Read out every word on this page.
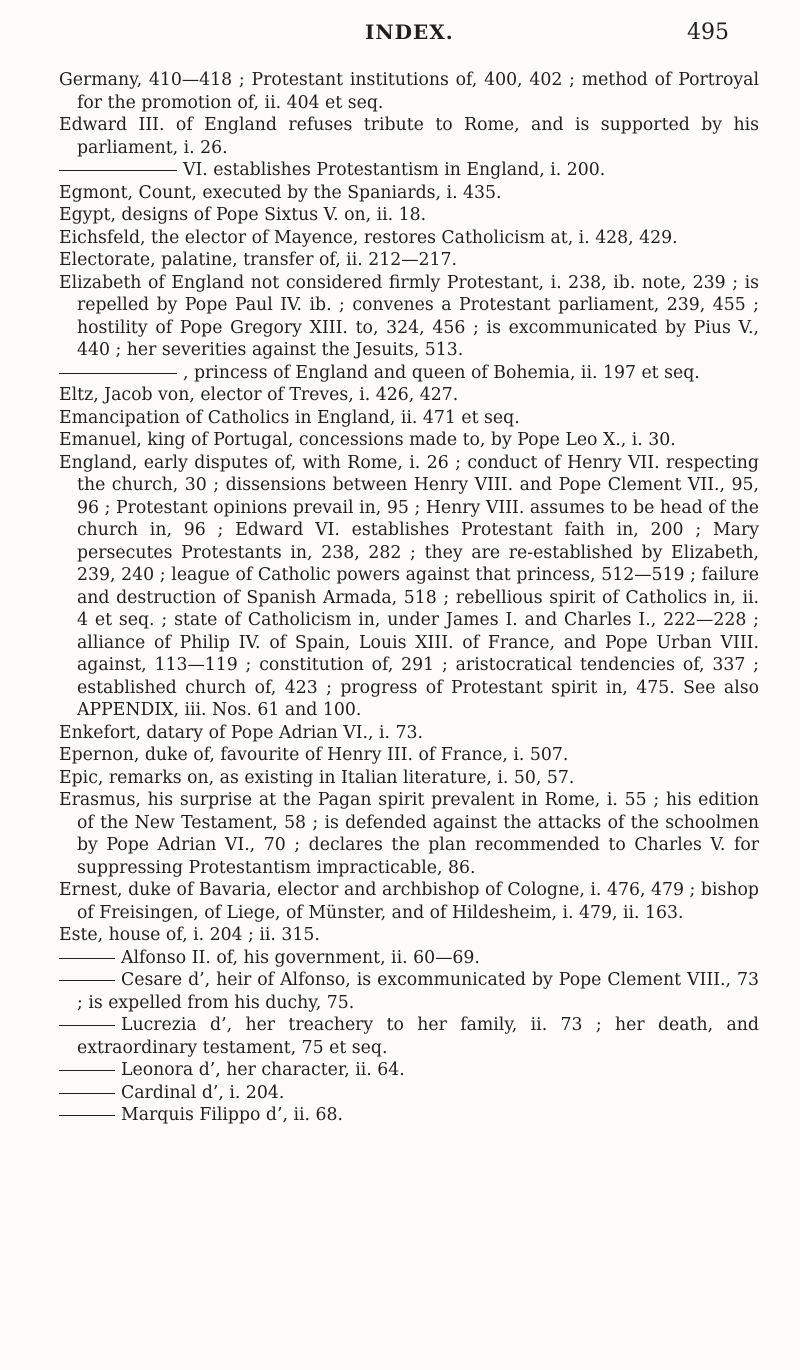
INDEX.	495

Germany, 410—418 ; Protestant institutions of, 400, 402 ; method of Portroyal for the promotion of, ii. 404 et seq.

Edward III. of England refuses tribute to Rome, and is supported by his parliament, i. 26.

VI. establishes Protestantism in England, i. 200.

Egmont, Count, executed by the Spaniards, i. 435.

Egypt, designs of Pope Sixtus V. on, ii. 18.

Eichsfeld, the elector of Mayence, restores Catholicism at, i. 428, 429.

Electorate, palatine, transfer of, ii. 212—217.

Elizabeth of England not considered firmly Protestant, i. 238, ib. note, 239 ; is repelled by Pope Paul IV. ib. ; convenes a Protestant parliament, 239, 455 ; hostility of Pope Gregory XIII. to, 324, 456 ; is excommunicated by Pius V., 440 ; her severities against the Jesuits, 513.

, princess of England and queen of Bohemia, ii. 197 et seq.

Eltz, Jacob von, elector of Treves, i. 426, 427.

Emancipation of Catholics in England, ii. 471 et seq.

Emanuel, king of Portugal, concessions made to, by Pope Leo X., i. 30.

England, early disputes of, with Rome, i. 26 ; conduct of Henry VII. respecting the church, 30 ; dissensions between Henry VIII. and Pope Clement VII., 95, 96 ; Protestant opinions prevail in, 95 ; Henry VIII. assumes to be head of the church in, 96 ; Edward VI. establishes Protestant faith in, 200 ; Mary persecutes Protestants in, 238, 282 ; they are re-established by Elizabeth, 239, 240 ; league of Catholic powers against that princess, 512—519 ; failure and destruction of Spanish Armada, 518 ; rebellious spirit of Catholics in, ii. 4 et seq. ; state of Catholicism in, under James I. and Charles I., 222—228 ; alliance of Philip IV. of Spain, Louis XIII. of France, and Pope Urban VIII. against, 113—119 ; constitution of, 291 ; aristocratical tendencies of, 337 ; established church of, 423 ; progress of Protestant spirit in, 475. See also APPENDIX, iii. Nos. 61 and 100.

Enkefort, datary of Pope Adrian VI., i. 73.

Epernon, duke of, favourite of Henry III. of France, i. 507.

Epic, remarks on, as existing in Italian literature, i. 50, 57.

Erasmus, his surprise at the Pagan spirit prevalent in Rome, i. 55 ; his edition of the New Testament, 58 ; is defended against the attacks of the schoolmen by Pope Adrian VI., 70 ; declares the plan recommended to Charles V. for suppressing Protestantism impracticable, 86.

Ernest, duke of Bavaria, elector and archbishop of Cologne, i. 476, 479 ; bishop of Freisingen, of Liege, of Münster, and of Hildesheim, i. 479, ii. 163.

Este, house of, i. 204 ; ii. 315.

Alfonso II. of, his government, ii. 60—69.

Cesare d’, heir of Alfonso, is excommunicated by Pope Clement VIII., 73 ; is expelled from his duchy, 75.

Lucrezia d’, her treachery to her family, ii. 73 ; her death, and extraordinary testament, 75 et seq.

Leonora d’, her character, ii. 64.

Cardinal d’, i. 204.

Marquis Filippo d’, ii. 68.
